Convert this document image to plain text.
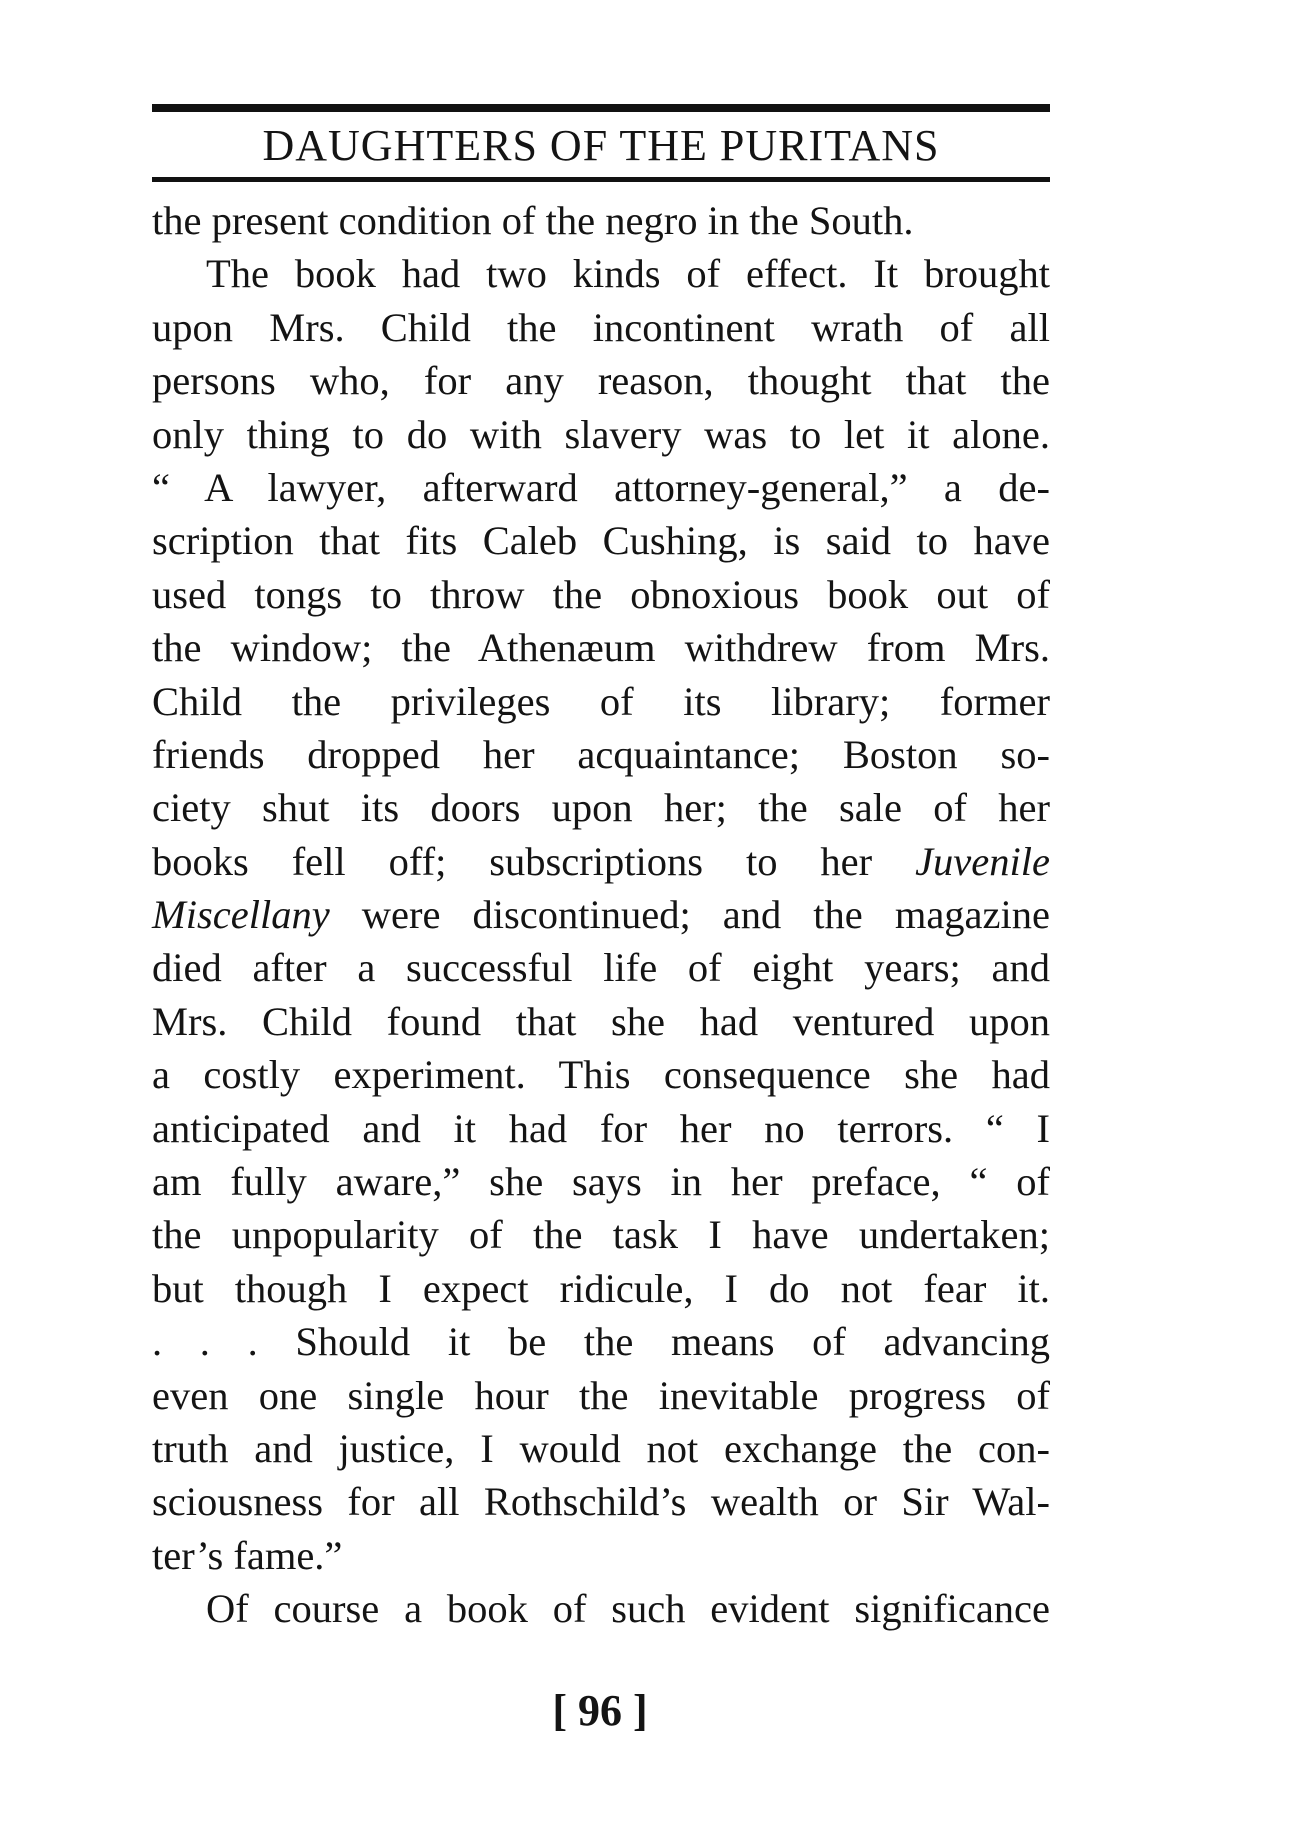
DAUGHTERS OF THE PURITANS
the present condition of the negro in the South.
The book had two kinds of effect. It brought
upon Mrs. Child the incontinent wrath of all
persons who, for any reason, thought that the
only thing to do with slavery was to let it alone.
“ A lawyer, afterward attorney-general,” a de-
scription that fits Caleb Cushing, is said to have
used tongs to throw the obnoxious book out of
the window; the Athenæum withdrew from Mrs.
Child the privileges of its library; former
friends dropped her acquaintance; Boston so-
ciety shut its doors upon her; the sale of her
books fell off; subscriptions to her Juvenile
Miscellany were discontinued; and the magazine
died after a successful life of eight years; and
Mrs. Child found that she had ventured upon
a costly experiment. This consequence she had
anticipated and it had for her no terrors. “ I
am fully aware,” she says in her preface, “ of
the unpopularity of the task I have undertaken;
but though I expect ridicule, I do not fear it.
. . . Should it be the means of advancing
even one single hour the inevitable progress of
truth and justice, I would not exchange the con-
sciousness for all Rothschild’s wealth or Sir Wal-
ter’s fame.”
Of course a book of such evident significance
[ 96 ]
